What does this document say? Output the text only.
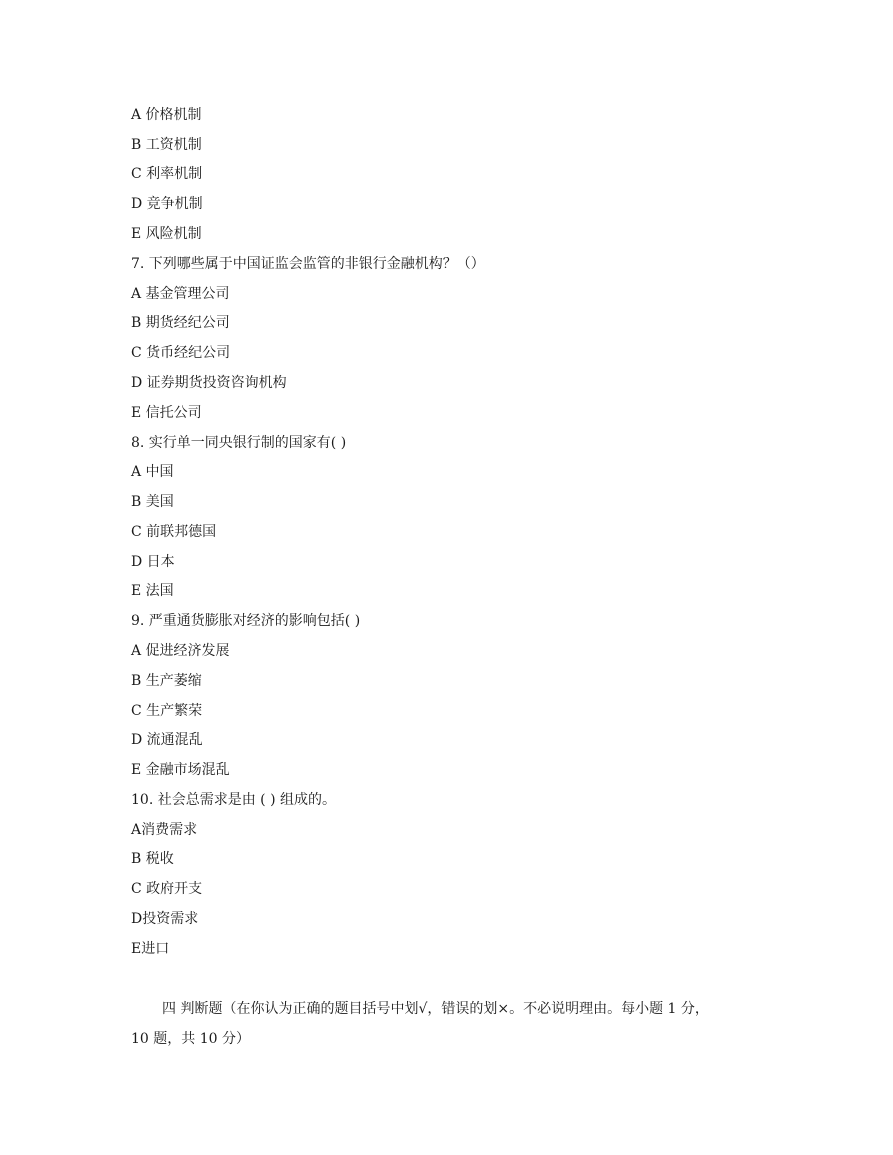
A 价格机制
B 工资机制
C 利率机制
D 竞争机制
E 风险机制
7. 下列哪些属于中国证监会监管的非银行金融机构？（）
A 基金管理公司
B 期货经纪公司
C 货币经纪公司
D 证券期货投资咨询机构
E 信托公司
8. 实行单一同央银行制的国家有( )
A 中国
B 美国
C 前联邦德国
D 日本
E 法国
9. 严重通货膨胀对经济的影响包括( )
A 促进经济发展
B 生产萎缩
C 生产繁荣
D 流通混乱
E 金融市场混乱
10. 社会总需求是由 ( ) 组成的。
A消费需求
B 税收
C 政府开支
D投资需求
E进口
四 判断题（在你认为正确的题目括号中划√，错误的划×。不必说明理由。每小题 1 分，
10 题，共 10 分）
